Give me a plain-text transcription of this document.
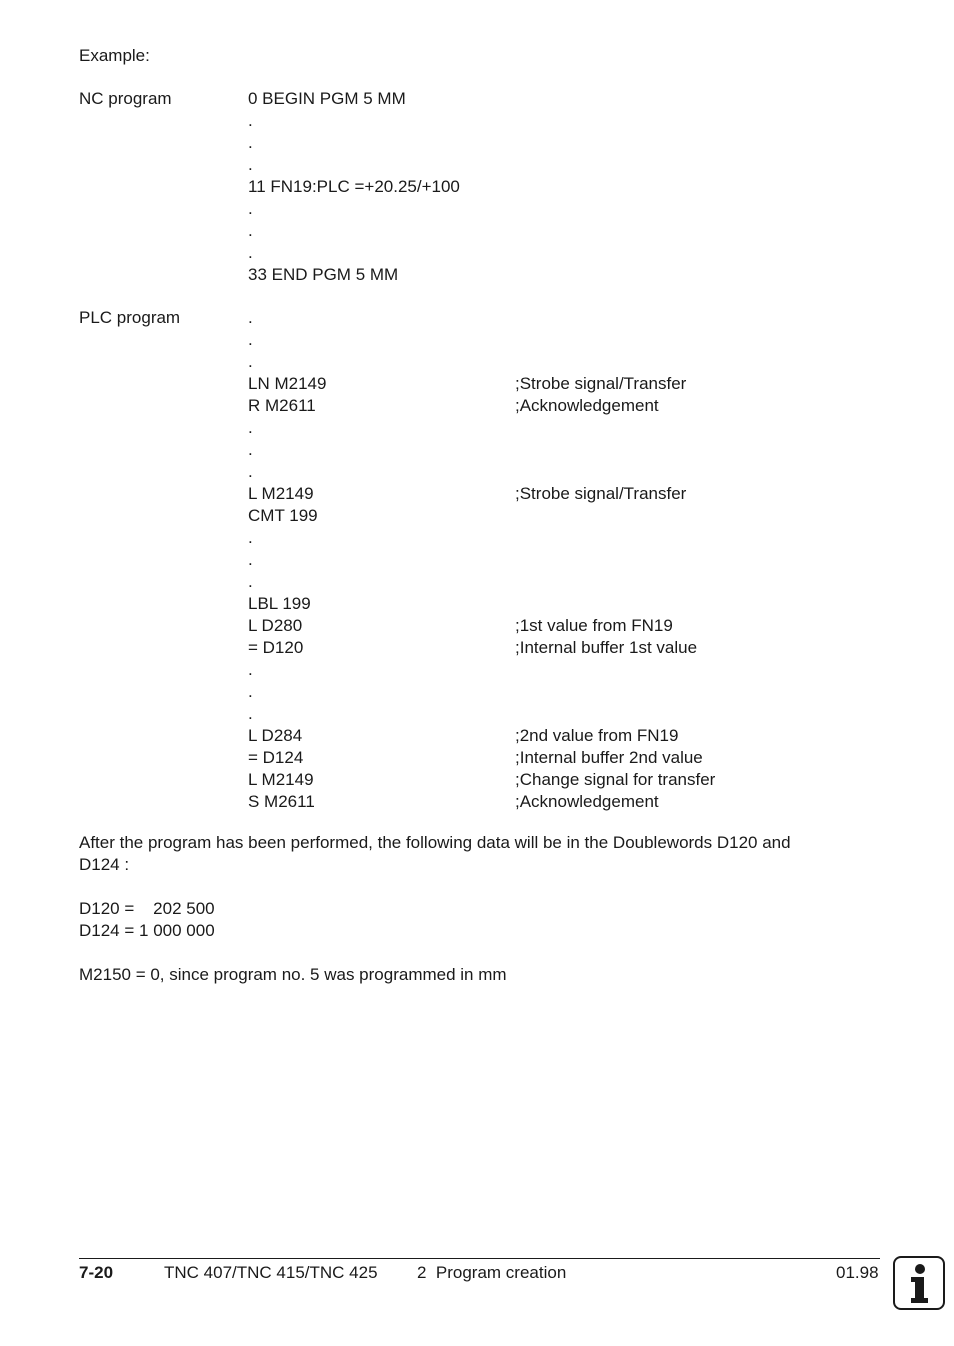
Example:
NC program	0 BEGIN PGM 5 MM
.
.
.
11 FN19:PLC =+20.25/+100
.
.
.
33 END PGM 5 MM
PLC program	.
.
.
LN M2149	;Strobe signal/Transfer
R M2611	;Acknowledgement
.
.
.
L M2149	;Strobe signal/Transfer
CMT 199
.
.
.
LBL 199
L D280	;1st value from FN19
= D120	;Internal buffer 1st value
.
.
.
L D284	;2nd value from FN19
= D124	;Internal buffer 2nd value
L M2149	;Change signal for transfer
S M2611	;Acknowledgement
After the program has been performed, the following data will be in the Doublewords D120 and
D124 :
D120 =    202 500
D124 = 1 000 000
M2150 = 0, since program no. 5 was programmed in mm
7-20	TNC 407/TNC 415/TNC 425 2  Program creation	01.98
